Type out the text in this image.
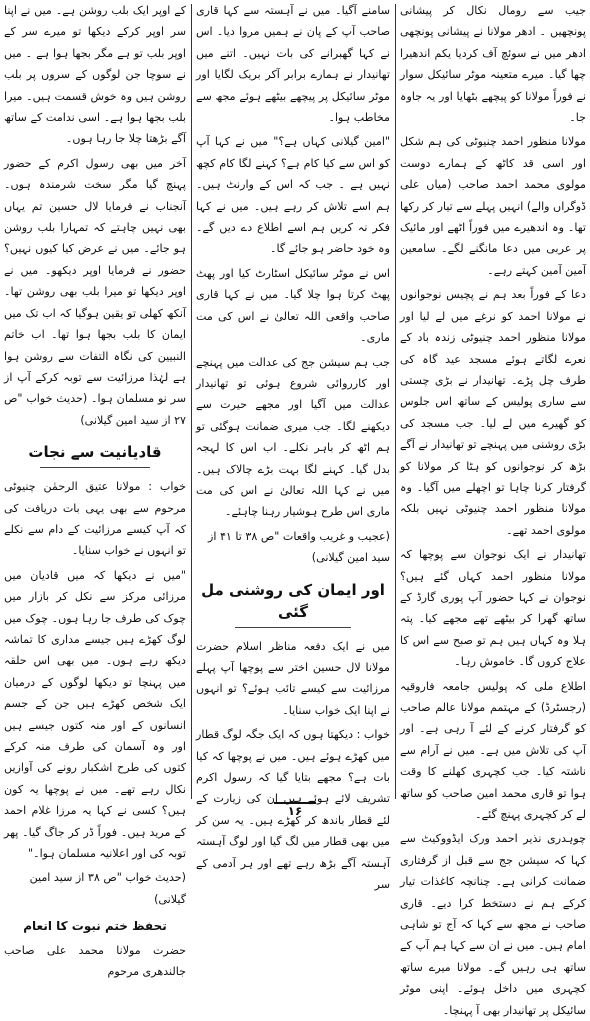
جیب سے رومال نکال کر پیشانی پونچھیں ۔ ادھر مولانا نے پیشانی پونچھی ادھر میں نے سوئچ آف کردیا یکم اندھیرا چھا گیا۔ میرے متعینہ موٹر سائیکل سوار نے فوراً مولانا کو پیچھے بٹھایا اور یہ جاوہ جا۔

مولانا منظور احمد چنیوٹی کی ہم شکل اور اسی قد کاٹھ کے ہمارے دوست مولوی محمد احمد صاحب (میاں علی ڈوگراں والے) انہیں پہلے سے تیار کر رکھا تھا۔ وہ اندھیرے میں فوراً اٹھے اور مائیک پر عربی میں دعا مانگنے لگے۔ سامعین آمین آمین کہتے رہے۔

دعا کے فوراً بعد ہم نے پچیس نوجوانوں نے مولانا احمد کو نرغے میں لے لیا اور مولانا منظور احمد چنیوٹی زندہ باد کے نعرے لگاتے ہوئے مسجد عید گاہ کی طرف چل پڑے۔ تھانیدار نے بڑی چستی سے ساری پولیس کے ساتھ اس جلوس کو گھیرے میں لے لیا۔ جب مسجد کی بڑی روشنی میں پہنچے تو تھانیدار نے آگے بڑھ کر نوجوانوں کو ہٹا کر مولانا کو گرفتار کرنا چاہا تو اچھلے میں آگیا۔ وہ مولانا منظور احمد چنیوٹی نہیں بلکہ مولوی احمد تھے۔

تھانیدار نے ایک نوجوان سے پوچھا کہ مولانا منظور احمد کہاں گئے ہیں؟ نوجوان نے کہا حضور آپ پوری گارڈ کے ساتھ گھرا کر بیٹھے تھے مجھے کیا۔ پتہ ہلا وہ کہاں ہیں ہم تو صبح سے اس کا علاج کروں گا۔ خاموش رہا۔

اطلاع ملی کہ پولیس جامعہ فاروقیہ (رجسٹرڈ) کے مہتمم مولانا عالم صاحب کو گرفتار کرنے کے لئے آ رہی ہے۔ اور آپ کی تلاش میں ہے۔ میں نے آرام سے ناشتہ کیا۔ جب کچہری کھلنے کا وقت ہوا تو قاری محمد امین صاحب کو ساتھ لے کر کچہری پہنچ گئے۔

چوہدری نذیر احمد ورک ایڈووکیٹ سے کہا کہ سیشن جج سے قبل از گرفتاری ضمانت کرانی ہے۔ چنانچہ کاغذات تیار کرکے ہم نے دستخط کرا دیے۔ قاری صاحب نے مجھ سے کہا کہ آج تو شاہی امام ہیں۔ میں نے ان سے کہا ہم آپ کے ساتھ ہی رہیں گے۔ مولانا میرے ساتھ کچہری میں داخل ہوئے۔ اپنی موٹر سائیکل پر تھانیدار بھی آ پہنچا۔

سامنے آگیا۔ میں نے آہستہ سے کہا قاری صاحب آپ کے پان نے ہمیں مروا دیا۔ اس نے کہا گھبرانے کی بات نہیں۔ اتنے میں تھانیدار نے ہمارے برابر آکر بریک لگایا اور موٹر سائیکل پر پیچھے بیٹھے ہوئے مجھ سے مخاطب ہوا۔

"امین گیلانی کہاں ہے؟" میں نے کہا آپ کو اس سے کیا کام ہے؟ کہنے لگا کام کچھ نہیں ہے ۔ جب کہ اس کے وارنٹ ہیں۔ ہم اسے تلاش کر رہے ہیں۔ میں نے کہا فکر نہ کریں ہم اسے اطلاع دے دیں گے۔ وہ خود حاضر ہو جائے گا۔

اس نے موٹر سائیکل اسٹارٹ کیا اور پھٹ پھٹ کرتا ہوا چلا گیا۔ میں نے کہا قاری صاحب واقعی اللہ تعالیٰ نے اس کی مت ماری۔

جب ہم سیشن جج کی عدالت میں پہنچے اور کارروائی شروع ہوئی تو تھانیدار عدالت میں آگیا اور مجھے حیرت سے دیکھنے لگا۔ جب میری ضمانت ہوگئی تو ہم اٹھ کر باہر نکلے۔ اب اس کا لہجہ بدل گیا۔ کہنے لگا بہت بڑے چالاک ہیں۔ میں نے کہا اللہ تعالیٰ نے اس کی مت ماری اس طرح ہوشیار رہنا چاہئے۔

(عجیب و غریب واقعات "ص ۳۸ تا ۴۱ از سید امین گیلانی)

اور ایمان کی روشنی مل گئی

میں نے ایک دفعہ مناظر اسلام حضرت مولانا لال حسین اختر سے پوچھا آپ پہلے مرزائیت سے کیسے تائب ہوئے؟ تو انہوں نے اپنا ایک خواب سنایا۔

خواب : دیکھتا ہوں کہ ایک جگہ لوگ قطار میں کھڑے ہوئے ہیں۔ میں نے پوچھا کہ کیا بات ہے؟ مجھے بتایا گیا کہ رسول اکرم تشریف لائے ہوئے ہیں ان کی زیارت کے لئے قطار باندھ کر کھڑے ہیں۔ یہ سن کر میں بھی قطار میں لگ گیا اور لوگ آہستہ آہستہ آگے بڑھ رہے تھے اور ہر آدمی کے سر

کے اوپر ایک بلب روشن ہے۔ میں نے اپنا سر اوپر کرکے دیکھا تو میرے سر کے اوپر بلب تو ہے مگر بجھا ہوا ہے ۔ میں نے سوچا جن لوگوں کے سروں پر بلب روشن ہیں وہ خوش قسمت ہیں۔ میرا بلب بجھا ہوا ہے۔ اسی ندامت کے ساتھ آگے بڑھتا چلا جا رہا ہوں۔

آخر میں بھی رسول اکرم کے حضور پہنچ گیا مگر سخت شرمندہ ہوں۔ آنجناب نے فرمایا لال حسین تم یہاں بھی نہیں چاہتے کہ تمہارا بلب روشن ہو جائے۔ میں نے عرض کیا کیوں نہیں؟ حضور نے فرمایا اوپر دیکھو۔ میں نے اوپر دیکھا تو میرا بلب بھی روشن تھا۔ آنکھ کھلی تو یقین ہوگیا کہ اب تک میں ایمان کا بلب بجھا ہوا تھا۔ اب خاتم النبیین کی نگاہ التفات سے روشن ہوا ہے لہٰذا مرزائیت سے توبہ کرکے آپ از سر نو مسلمان ہوا۔ (حدیث خواب "ص ۲۷ از سید امین گیلانی)

قادیانیت سے نجات

خواب : مولانا عتیق الرحمٰن چنیوٹی مرحوم سے بھی یہی بات دریافت کی کہ آپ کیسے مرزائیت کے دام سے نکلے تو انہوں نے خواب سنایا۔

"میں نے دیکھا کہ میں قادیان میں مرزائی مرکز سے نکل کر بازار میں چوک کی طرف جا رہا ہوں۔ چوک میں لوگ کھڑے ہیں جیسے مداری کا تماشہ دیکھ رہے ہوں۔ میں بھی اس حلقہ میں پہنچا تو دیکھا لوگوں کے درمیان ایک شخص کھڑے ہیں جن کے جسم انسانوں کے اور منہ کتوں جیسے ہیں اور وہ آسمان کی طرف منہ کرکے کتوں کی طرح اشکبار رونے کی آوازیں نکال رہے تھے۔ میں نے پوچھا یہ کون ہیں؟ کسی نے کہا یہ مرزا غلام احمد کے مرید ہیں۔ فوراً ڈر کر جاگ گیا۔ پھر توبہ کی اور اعلانیہ مسلمان ہوا۔"

(حدیث خواب "ص ۳۸ از سید امین گیلانی)

تحفظ ختم نبوت کا انعام

حضرت مولانا محمد علی صاحب جالندھری مرحوم

۱۶
